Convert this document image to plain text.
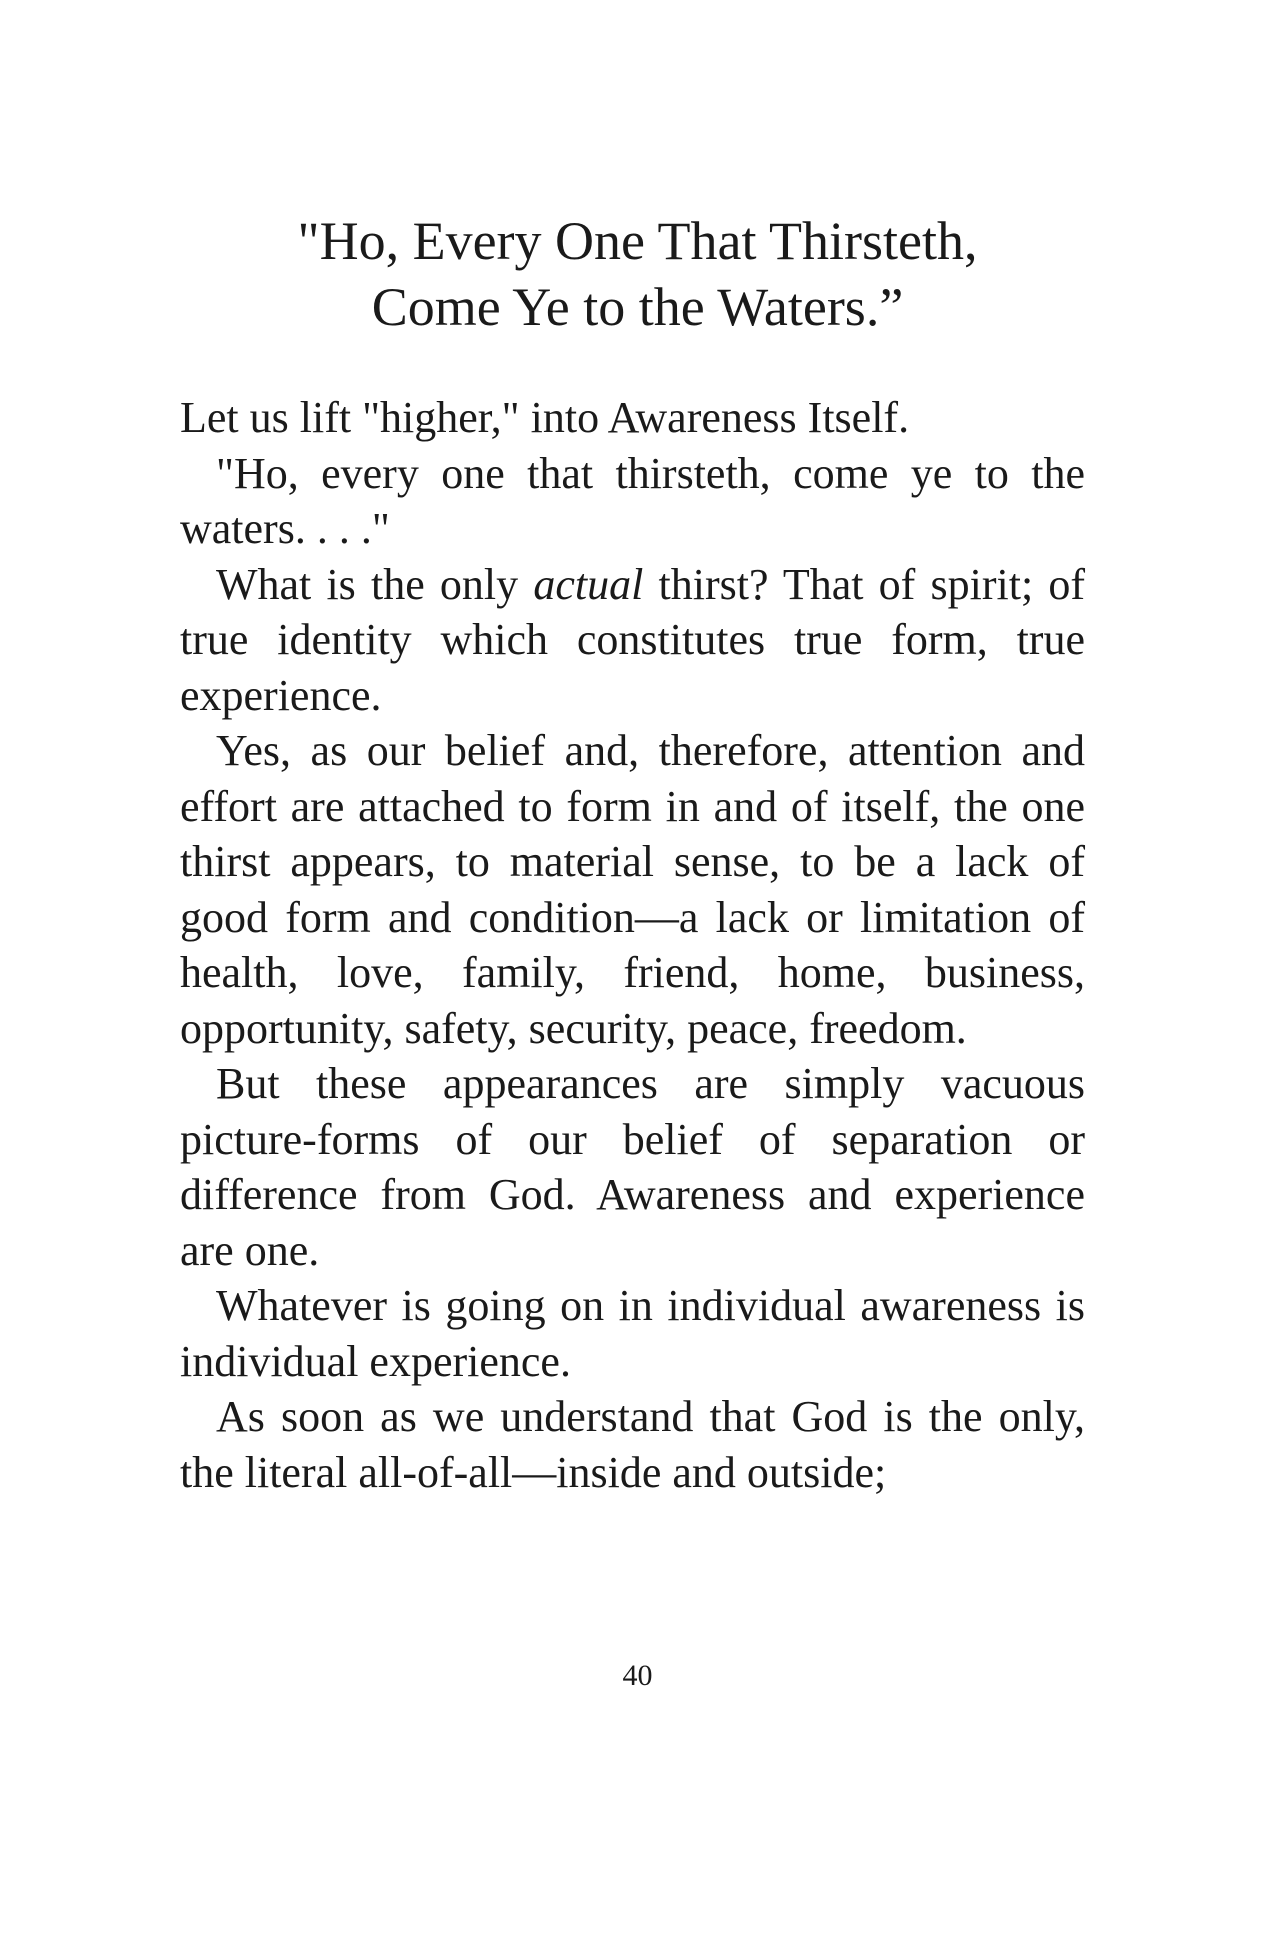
"Ho, Every One That Thirsteth,
Come Ye to the Waters.”

Let us lift "higher," into Awareness Itself.

"Ho, every one that thirsteth, come ye to the waters. . . ."

What is the only actual thirst? That of spirit; of true identity which constitutes true form, true experience.

Yes, as our belief and, therefore, attention and effort are attached to form in and of itself, the one thirst appears, to material sense, to be a lack of good form and condition—a lack or limitation of health, love, family, friend, home, business, opportunity, safety, security, peace, freedom.

But these appearances are simply vacuous picture-forms of our belief of separation or difference from God. Awareness and experience are one.

Whatever is going on in individual awareness is individual experience.

As soon as we understand that God is the only, the literal all-of-all—inside and outside;

40
